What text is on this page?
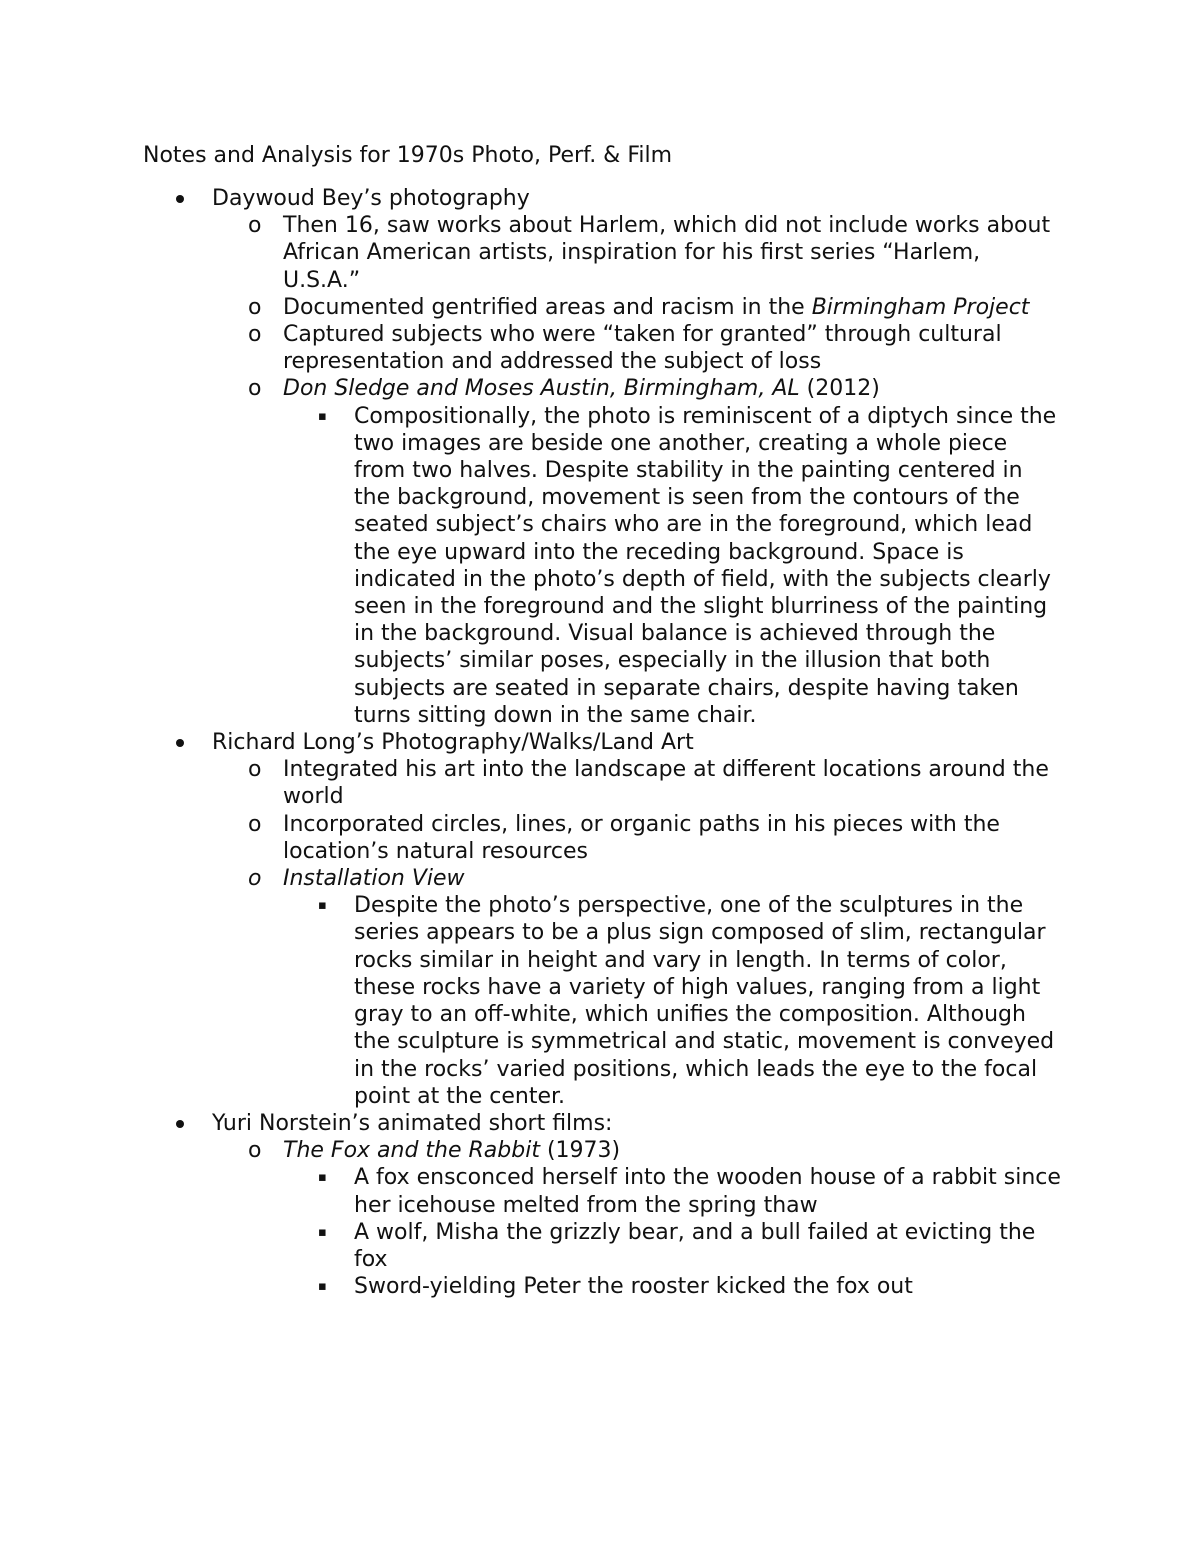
Notes and Analysis for 1970s Photo, Perf. & Film
Daywoud Bey’s photography
o Then 16, saw works about Harlem, which did not include works about African American artists, inspiration for his first series “Harlem, U.S.A.”
o Documented gentrified areas and racism in the Birmingham Project
o Captured subjects who were “taken for granted” through cultural representation and addressed the subject of loss
o Don Sledge and Moses Austin, Birmingham, AL (2012)
▪ Compositionally, the photo is reminiscent of a diptych since the two images are beside one another, creating a whole piece from two halves. Despite stability in the painting centered in the background, movement is seen from the contours of the seated subject’s chairs who are in the foreground, which lead the eye upward into the receding background. Space is indicated in the photo’s depth of field, with the subjects clearly seen in the foreground and the slight blurriness of the painting in the background. Visual balance is achieved through the subjects’ similar poses, especially in the illusion that both subjects are seated in separate chairs, despite having taken turns sitting down in the same chair.
Richard Long’s Photography/Walks/Land Art
o Integrated his art into the landscape at different locations around the world
o Incorporated circles, lines, or organic paths in his pieces with the location’s natural resources
o Installation View
▪ Despite the photo’s perspective, one of the sculptures in the series appears to be a plus sign composed of slim, rectangular rocks similar in height and vary in length. In terms of color, these rocks have a variety of high values, ranging from a light gray to an off-white, which unifies the composition. Although the sculpture is symmetrical and static, movement is conveyed in the rocks’ varied positions, which leads the eye to the focal point at the center.
Yuri Norstein’s animated short films:
o The Fox and the Rabbit (1973)
▪ A fox ensconced herself into the wooden house of a rabbit since her icehouse melted from the spring thaw
▪ A wolf, Misha the grizzly bear, and a bull failed at evicting the fox
▪ Sword-yielding Peter the rooster kicked the fox out
